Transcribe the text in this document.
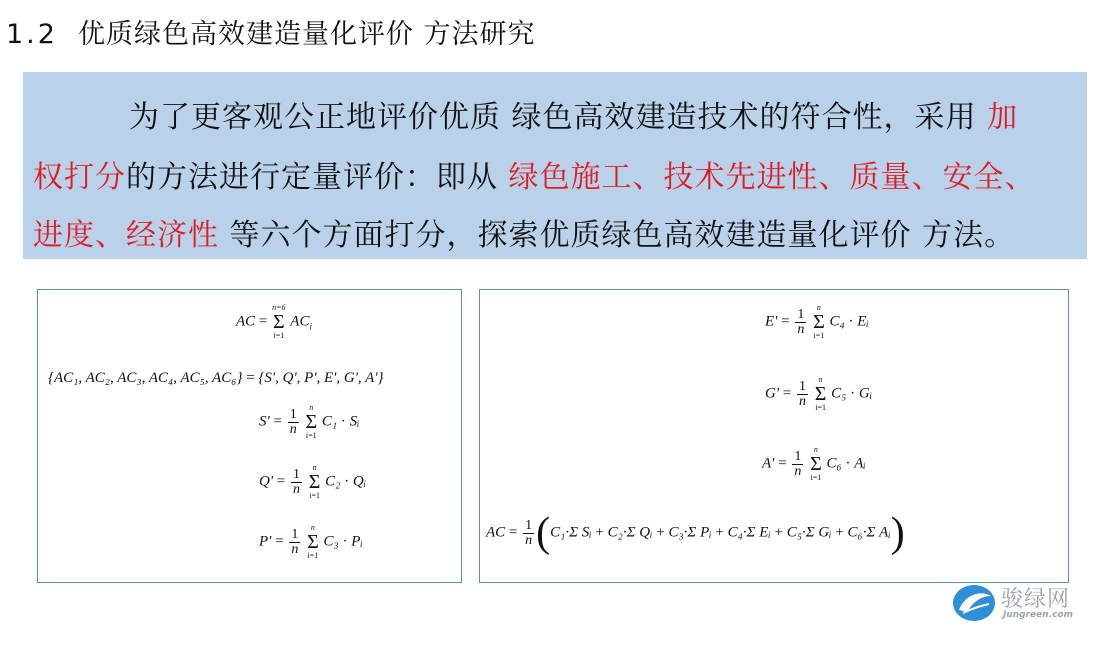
1.2 优质绿色高效建造量化评价 方法研究
为了更客观公正地评价优质 绿色高效建造技术的符合性，采用 加
权打分的方法进行定量评价：即从 绿色施工、技术先进性、质量、安全、
进度、经济性 等六个方面打分，探索优质绿色高效建造量化评价 方法。
AC =
n=6
Σ
i=1
$AC_i$
{AC₁, AC₂, AC₃, AC₄, AC₅, AC₆} = {S', Q', P', E', G', A'}
$S' = \frac{1}{n}$
	n
Σ
i=1
C₁ · Sᵢ
$Q' = \frac{1}{n}$
	n
Σ
i=1
C₂ · Qᵢ
$P' = \frac{1}{n}$
	n
Σ
i=1
C₃ · Pᵢ
$E' = \frac{1}{n}$
	n
Σ
i=1
C₄ · Eᵢ
$G' = \frac{1}{n}$
	n
Σ
i=1
C₅ · Gᵢ
$A' = \frac{1}{n}$
	n
Σ
i=1
C₆ · Aᵢ
AC = $\frac{1}{n} (C_1\cdot\Sigma$ Sᵢ + C₂·Σ Qᵢ + C₃·Σ Pᵢ + C₄·Σ Eᵢ + C₅·Σ Gᵢ + C₆·Σ Aᵢ)
骏绿网
Jungreen.com
